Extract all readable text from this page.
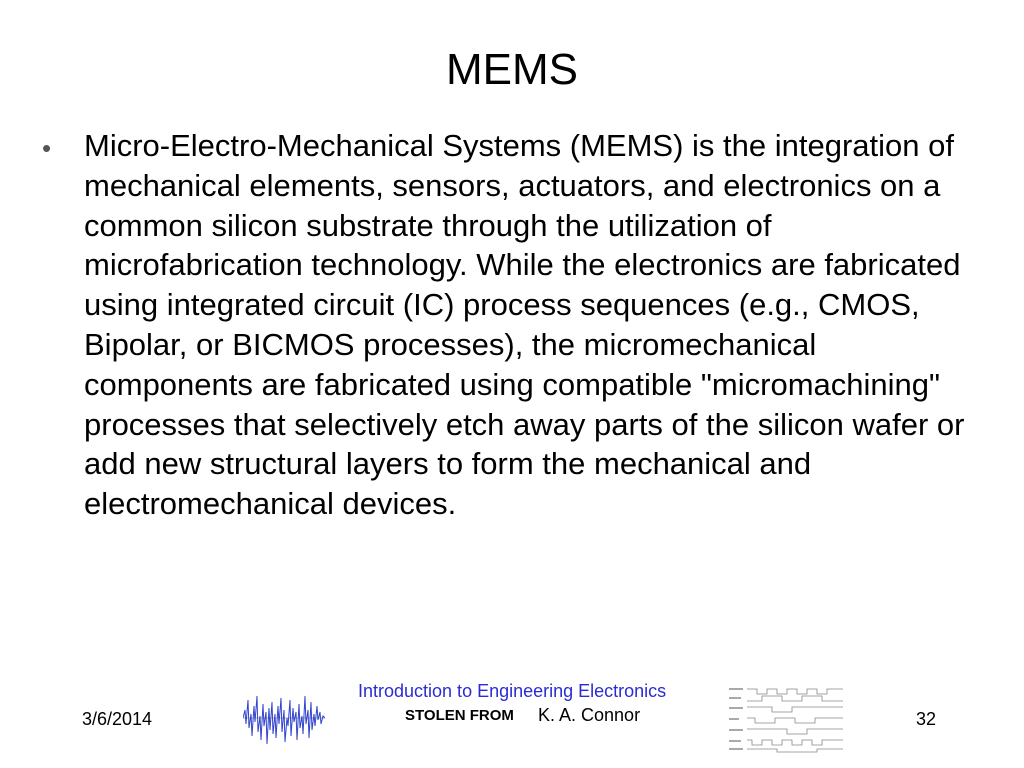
MEMS
• Micro-Electro-Mechanical Systems (MEMS) is the integration of mechanical elements, sensors, actuators, and electronics on a common silicon substrate through the utilization of microfabrication technology. While the electronics are fabricated using integrated circuit (IC) process sequences (e.g., CMOS, Bipolar, or BICMOS processes), the micromechanical components are fabricated using compatible "micromachining" processes that selectively etch away parts of the silicon wafer or add new structural layers to form the mechanical and electromechanical devices.
3/6/2014
Introduction to Engineering Electronics
STOLEN FROM K. A. Connor	32
